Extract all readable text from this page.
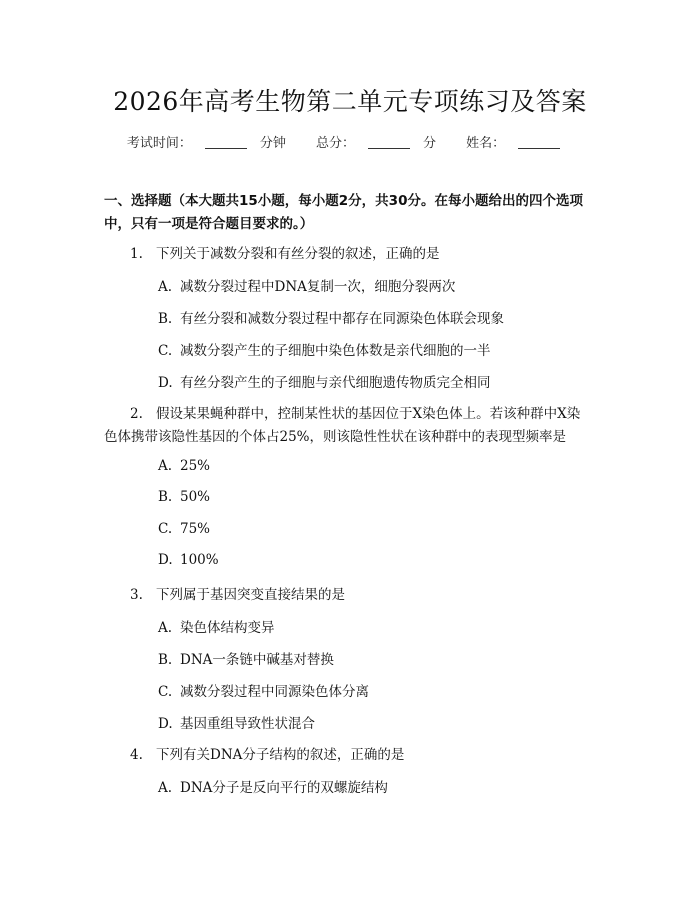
2026年高考生物第二单元专项练习及答案
考试时间：	分钟 总分：	分 姓名：
一、选择题（本大题共15小题，每小题2分，共30分。在每小题给出的四个选项中，只有一项是符合题目要求的。）
1. 下列关于减数分裂和有丝分裂的叙述，正确的是
A. 减数分裂过程中DNA复制一次，细胞分裂两次
B. 有丝分裂和减数分裂过程中都存在同源染色体联会现象
C. 减数分裂产生的子细胞中染色体数是亲代细胞的一半
D. 有丝分裂产生的子细胞与亲代细胞遗传物质完全相同
2. 假设某果蝇种群中，控制某性状的基因位于X染色体上。若该种群中X染
色体携带该隐性基因的个体占25%，则该隐性性状在该种群中的表现型频率是
A. 25%
B. 50%
C. 75%
D. 100%
3. 下列属于基因突变直接结果的是
A. 染色体结构变异
B. DNA一条链中碱基对替换
C. 减数分裂过程中同源染色体分离
D. 基因重组导致性状混合
4. 下列有关DNA分子结构的叙述，正确的是
A. DNA分子是反向平行的双螺旋结构
